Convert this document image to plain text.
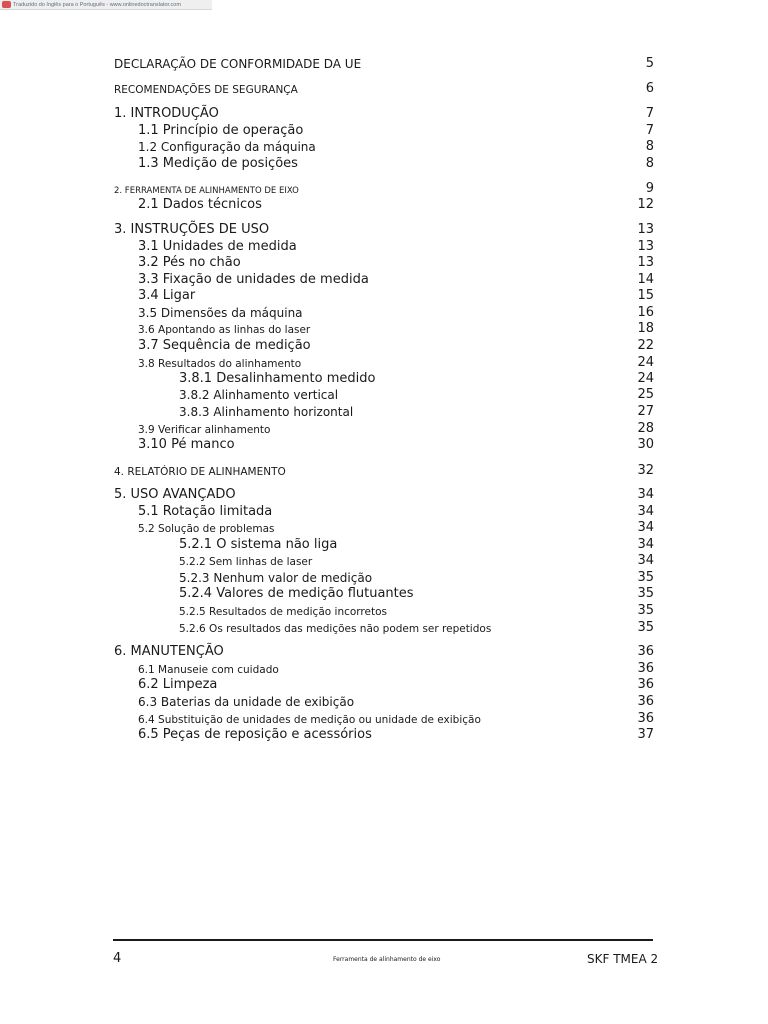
Traduzido do Inglês para o Português - www.onlinedoctranslator.com
DECLARAÇÃO DE CONFORMIDADE DA UE	5
RECOMENDAÇÕES DE SEGURANÇA	6
1. INTRODUÇÃO	7
1.1 Princípio de operação	7
1.2 Configuração da máquina	8
1.3 Medição de posições	8
2. FERRAMENTA DE ALINHAMENTO DE EIXO	9
2.1 Dados técnicos	12
3. INSTRUÇÕES DE USO	13
3.1 Unidades de medida	13
3.2 Pés no chão	13
3.3 Fixação de unidades de medida	14
3.4 Ligar	15
3.5 Dimensões da máquina	16
3.6 Apontando as linhas do laser	18
3.7 Sequência de medição	22
3.8 Resultados do alinhamento	24
3.8.1 Desalinhamento medido	24
3.8.2 Alinhamento vertical	25
3.8.3 Alinhamento horizontal	27
3.9 Verificar alinhamento	28
3.10 Pé manco	30
4. RELATÓRIO DE ALINHAMENTO	32
5. USO AVANÇADO	34
5.1 Rotação limitada	34
5.2 Solução de problemas	34
5.2.1 O sistema não liga	34
5.2.2 Sem linhas de laser	34
5.2.3 Nenhum valor de medição	35
5.2.4 Valores de medição flutuantes	35
5.2.5 Resultados de medição incorretos	35
5.2.6 Os resultados das medições não podem ser repetidos	35
6. MANUTENÇÃO	36
6.1 Manuseie com cuidado	36
6.2 Limpeza	36
6.3 Baterias da unidade de exibição	36
6.4 Substituição de unidades de medição ou unidade de exibição	36
6.5 Peças de reposição e acessórios	37
4	Ferramenta de alinhamento de eixo	SKF TMEA 2
